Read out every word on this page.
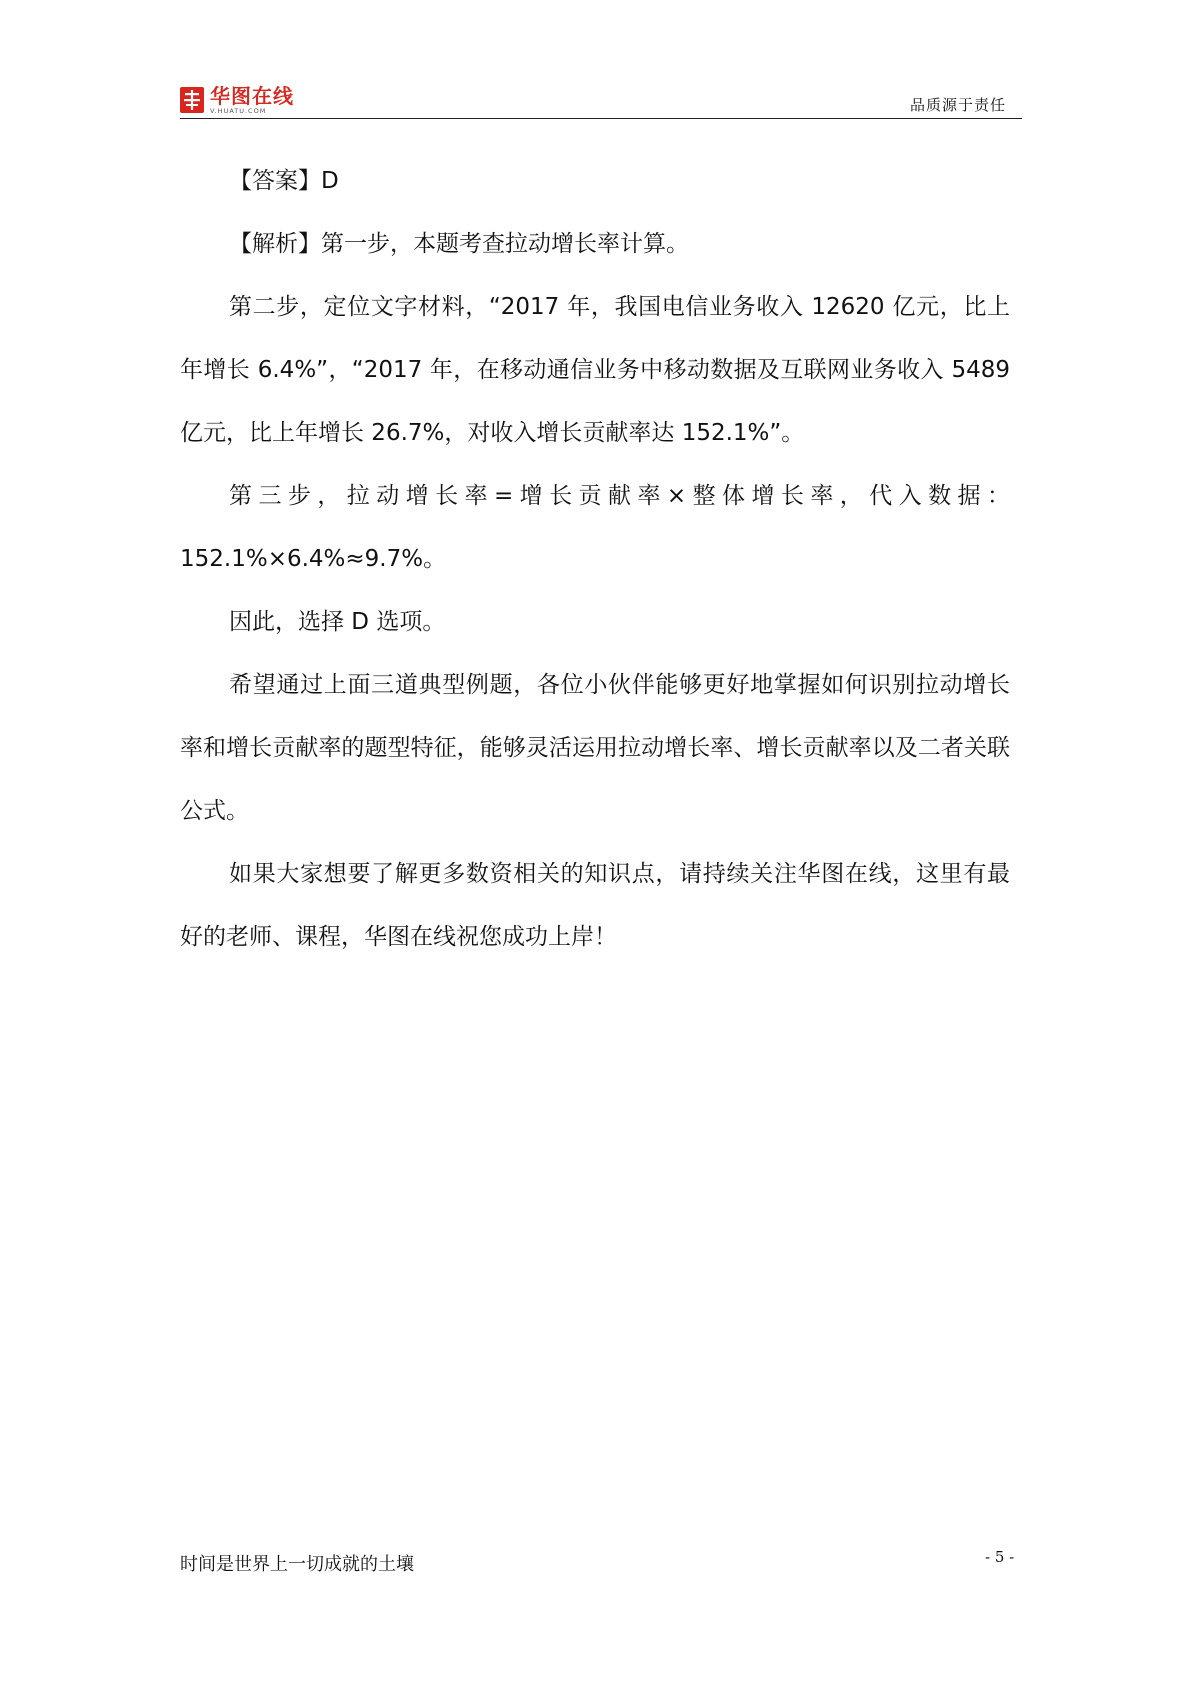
华图在线
V.HUATU.COM	品质源于责任

【答案】D

【解析】第一步，本题考查拉动增长率计算。

第二步，定位文字材料，“2017 年，我国电信业务收入 12620 亿元，比上年增长 6.4%”，“2017 年，在移动通信业务中移动数据及互联网业务收入 5489 亿元，比上年增长 26.7%，对收入增长贡献率达 152.1%”。

第三步，拉动增长率=增长贡献率×整体增长率，代入数据：152.1%×6.4%≈9.7%。

因此，选择 D 选项。

希望通过上面三道典型例题，各位小伙伴能够更好地掌握如何识别拉动增长率和增长贡献率的题型特征，能够灵活运用拉动增长率、增长贡献率以及二者关联公式。

如果大家想要了解更多数资相关的知识点，请持续关注华图在线，这里有最好的老师、课程，华图在线祝您成功上岸！

时间是世界上一切成就的土壤	- 5 -
